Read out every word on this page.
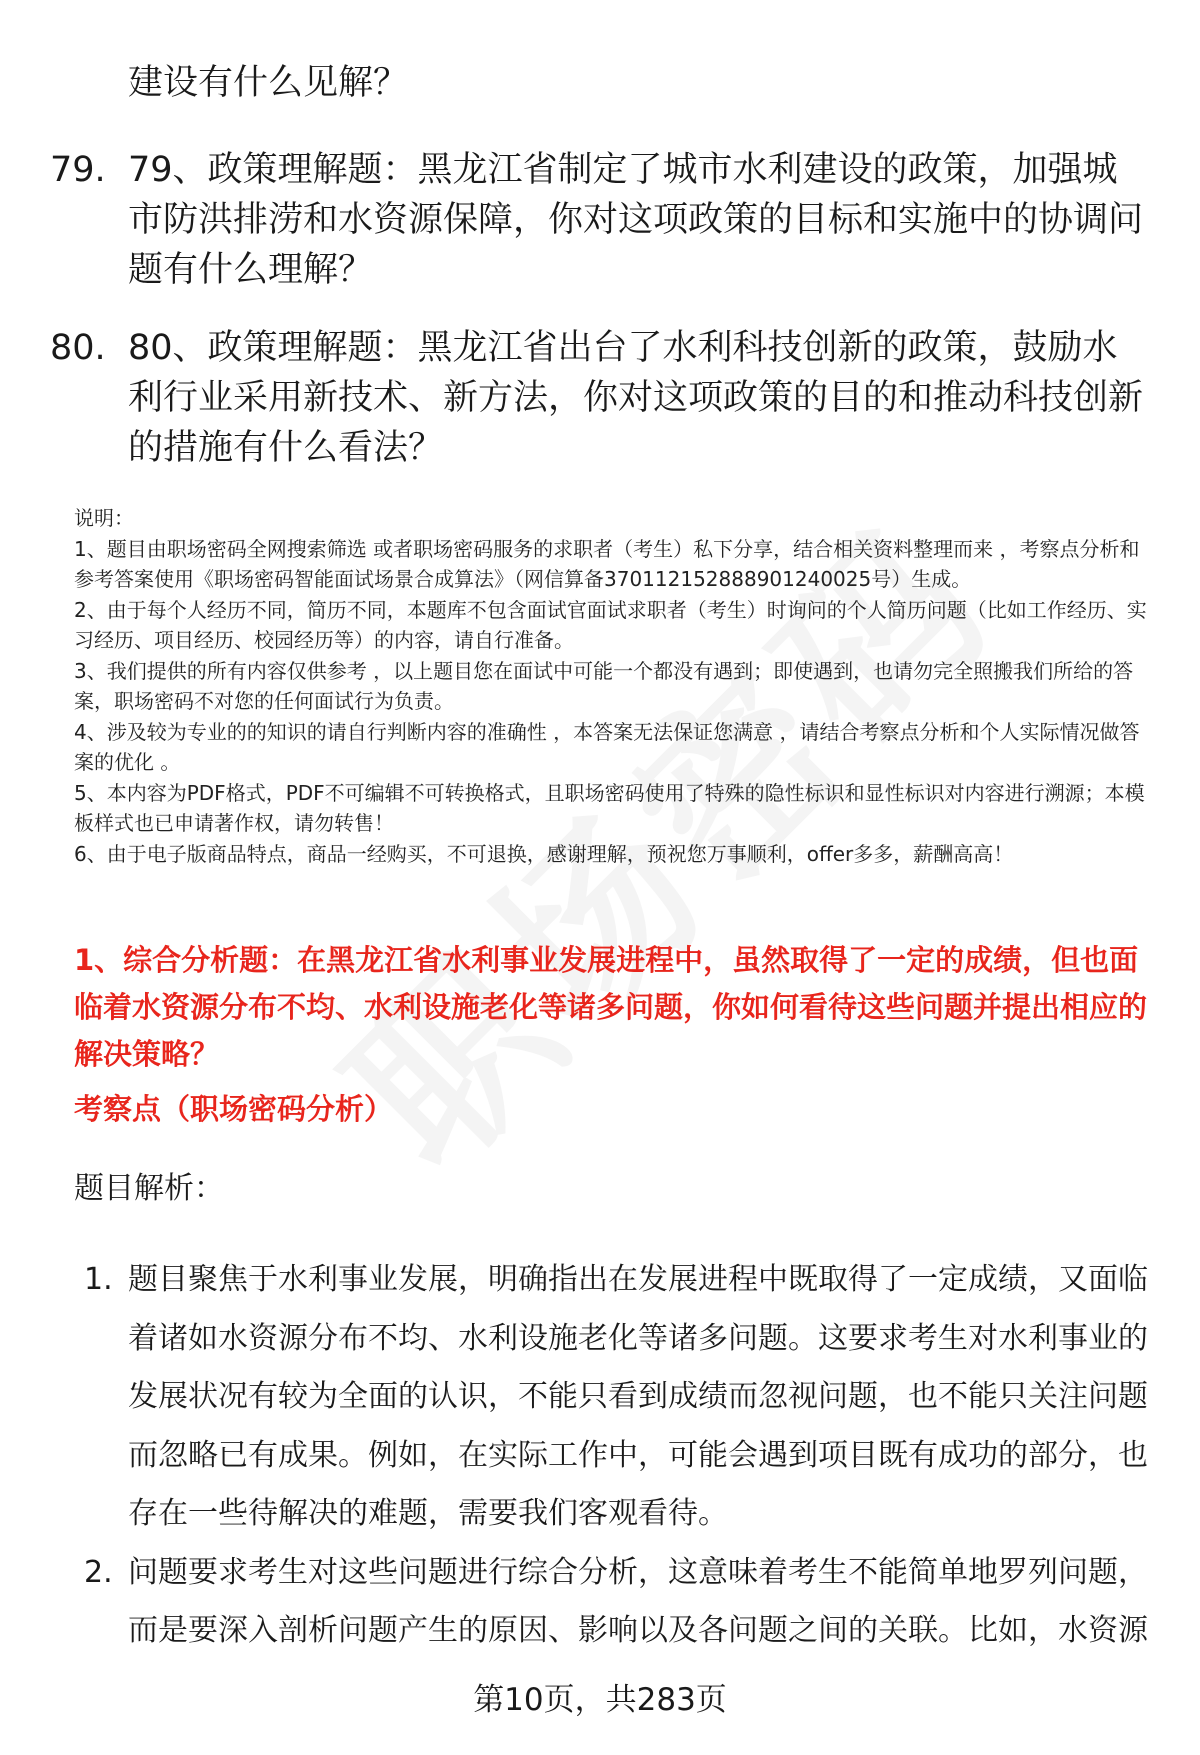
建设有什么见解？
79. 79、政策理解题：黑龙江省制定了城市水利建设的政策，加强城市防洪排涝和水资源保障，你对这项政策的目标和实施中的协调问题有什么理解？
80. 80、政策理解题：黑龙江省出台了水利科技创新的政策，鼓励水利行业采用新技术、新方法，你对这项政策的目的和推动科技创新的措施有什么看法？

说明：

1、题目由职场密码全网搜索筛选 或者职场密码服务的求职者（考生）私下分享，结合相关资料整理而来 ，考察点分析和参考答案使用《职场密码智能面试场景合成算法》（网信算备370112152888901240025号）生成。

2、由于每个人经历不同，简历不同，本题库不包含面试官面试求职者（考生）时询问的个人简历问题（比如工作经历、实习经历、项目经历、校园经历等）的内容，请自行准备。

3、我们提供的所有内容仅供参考 ，以上题目您在面试中可能一个都没有遇到；即使遇到，也请勿完全照搬我们所给的答案，职场密码不对您的任何面试行为负责。

4、涉及较为专业的的知识的请自行判断内容的准确性 ，本答案无法保证您满意 ，请结合考察点分析和个人实际情况做答案的优化 。

5、本内容为PDF格式，PDF不可编辑不可转换格式，且职场密码使用了特殊的隐性标识和显性标识对内容进行溯源；本模板样式也已申请著作权，请勿转售！

6、由于电子版商品特点，商品一经购买，不可退换，感谢理解，预祝您万事顺利，offer多多，薪酬高高！

1、综合分析题：在黑龙江省水利事业发展进程中，虽然取得了一定的成绩，但也面临着水资源分布不均、水利设施老化等诸多问题，你如何看待这些问题并提出相应的解决策略？
考察点（职场密码分析）
题目解析：
1. 题目聚焦于水利事业发展，明确指出在发展进程中既取得了一定成绩，又面临着诸如水资源分布不均、水利设施老化等诸多问题。这要求考生对水利事业的发展状况有较为全面的认识，不能只看到成绩而忽视问题，也不能只关注问题而忽略已有成果。例如，在实际工作中，可能会遇到项目既有成功的部分，也存在一些待解决的难题，需要我们客观看待。
2. 问题要求考生对这些问题进行综合分析，这意味着考生不能简单地罗列问题，而是要深入剖析问题产生的原因、影响以及各问题之间的关联。比如，水资源
第10页，共283页
